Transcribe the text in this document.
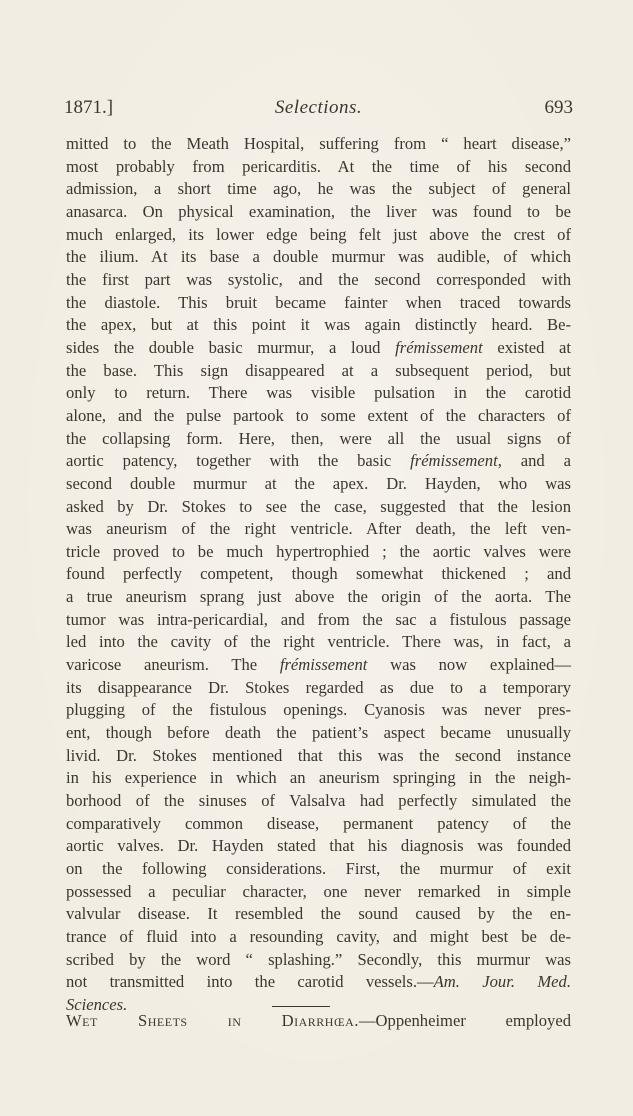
1871.]	Selections.	693
mitted to the Meath Hospital, suffering from “ heart disease,”
most probably from pericarditis. At the time of his second
admission, a short time ago, he was the subject of general
anasarca. On physical examination, the liver was found to be
much enlarged, its lower edge being felt just above the crest of
the ilium. At its base a double murmur was audible, of which
the first part was systolic, and the second corresponded with
the diastole. This bruit became fainter when traced towards
the apex, but at this point it was again distinctly heard. Be-
sides the double basic murmur, a loud frémissement existed at
the base. This sign disappeared at a subsequent period, but
only to return. There was visible pulsation in the carotid
alone, and the pulse partook to some extent of the characters of
the collapsing form. Here, then, were all the usual signs of
aortic patency, together with the basic frémissement, and a
second double murmur at the apex. Dr. Hayden, who was
asked by Dr. Stokes to see the case, suggested that the lesion
was aneurism of the right ventricle. After death, the left ven-
tricle proved to be much hypertrophied ; the aortic valves were
found perfectly competent, though somewhat thickened ; and
a true aneurism sprang just above the origin of the aorta. The
tumor was intra-pericardial, and from the sac a fistulous passage
led into the cavity of the right ventricle. There was, in fact, a
varicose aneurism. The frémissement was now explained—
its disappearance Dr. Stokes regarded as due to a temporary
plugging of the fistulous openings. Cyanosis was never pres-
ent, though before death the patient’s aspect became unusually
livid. Dr. Stokes mentioned that this was the second instance
in his experience in which an aneurism springing in the neigh-
borhood of the sinuses of Valsalva had perfectly simulated the
comparatively common disease, permanent patency of the
aortic valves. Dr. Hayden stated that his diagnosis was founded
on the following considerations. First, the murmur of exit
possessed a peculiar character, one never remarked in simple
valvular disease. It resembled the sound caused by the en-
trance of fluid into a resounding cavity, and might best be de-
scribed by the word “ splashing.” Secondly, this murmur was
not transmitted into the carotid vessels.—Am. Jour. Med.
Sciences.
Wet Sheets in Diarrhœa.—Oppenheimer employed
